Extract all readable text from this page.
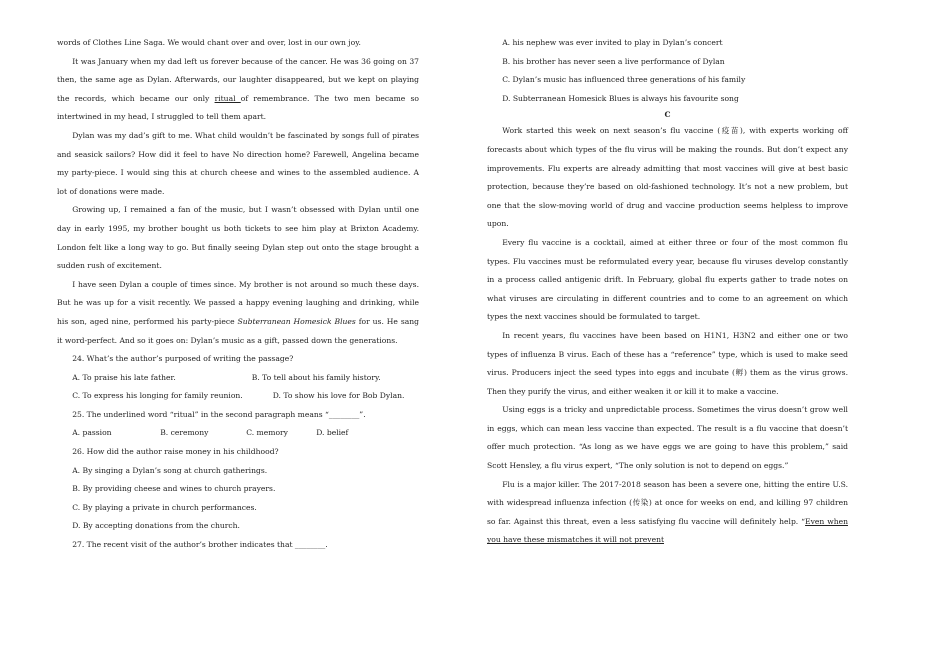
words of Clothes Line Saga. We would chant over and over, lost in our own joy.

It was January when my dad left us forever because of the cancer. He was 36 going on 37 then, the same age as Dylan. Afterwards, our laughter disappeared, but we kept on playing the records, which became our only ritual of remembrance. The two men became so intertwined in my head, I struggled to tell them apart.

Dylan was my dad’s gift to me. What child wouldn’t be fascinated by songs full of pirates and seasick sailors? How did it feel to have No direction home? Farewell, Angelina became my party-piece. I would sing this at church cheese and wines to the assembled audience. A lot of donations were made.

Growing up, I remained a fan of the music, but I wasn’t obsessed with Dylan until one day in early 1995, my brother bought us both tickets to see him play at Brixton Academy. London felt like a long way to go. But finally seeing Dylan step out onto the stage brought a sudden rush of excitement.

I have seen Dylan a couple of times since. My brother is not around so much these days. But he was up for a visit recently. We passed a happy evening laughing and drinking, while his son, aged nine, performed his party-piece Subterranean Homesick Blues for us. He sang it word-perfect. And so it goes on: Dylan’s music as a gift, passed down the generations.

24. What’s the author’s purposed of writing the passage?

A. To praise his late father.	B. To tell about his family history.

C. To express his longing for family reunion.	D. To show his love for Bob Dylan.

25. The underlined word “ritual” in the second paragraph means “________”.

A. passion	B. ceremony	C. memory	D. belief

26. How did the author raise money in his childhood?

A. By singing a Dylan’s song at church gatherings.

B. By providing cheese and wines to church prayers.

C. By playing a private in church performances.

D. By accepting donations from the church.

27. The recent visit of the author’s brother indicates that ________.

A. his nephew was ever invited to play in Dylan’s concert

B. his brother has never seen a live performance of Dylan

C. Dylan’s music has influenced three generations of his family

D. Subterranean Homesick Blues is always his favourite song

C

Work started this week on next season’s flu vaccine (疫苗), with experts working off forecasts about which types of the flu virus will be making the rounds. But don’t expect any improvements. Flu experts are already admitting that most vaccines will give at best basic protection, because they’re based on old-fashioned technology. It’s not a new problem, but one that the slow-moving world of drug and vaccine production seems helpless to improve upon.

Every flu vaccine is a cocktail, aimed at either three or four of the most common flu types. Flu vaccines must be reformulated every year, because flu viruses develop constantly in a process called antigenic drift. In February, global flu experts gather to trade notes on what viruses are circulating in different countries and to come to an agreement on which types the next vaccines should be formulated to target.

In recent years, flu vaccines have been based on H1N1, H3N2 and either one or two types of influenza B virus. Each of these has a “reference” type, which is used to make seed virus. Producers inject the seed types into eggs and incubate (孵) them as the virus grows. Then they purify the virus, and either weaken it or kill it to make a vaccine.

Using eggs is a tricky and unpredictable process. Sometimes the virus doesn’t grow well in eggs, which can mean less vaccine than expected. The result is a flu vaccine that doesn’t offer much protection. “As long as we have eggs we are going to have this problem,” said Scott Hensley, a flu virus expert, “The only solution is not to depend on eggs.”

Flu is a major killer. The 2017-2018 season has been a severe one, hitting the entire U.S. with widespread influenza infection (传染) at once for weeks on end, and killing 97 children so far. Against this threat, even a less satisfying flu vaccine will definitely help. “Even when you have these mismatches it will not prevent
